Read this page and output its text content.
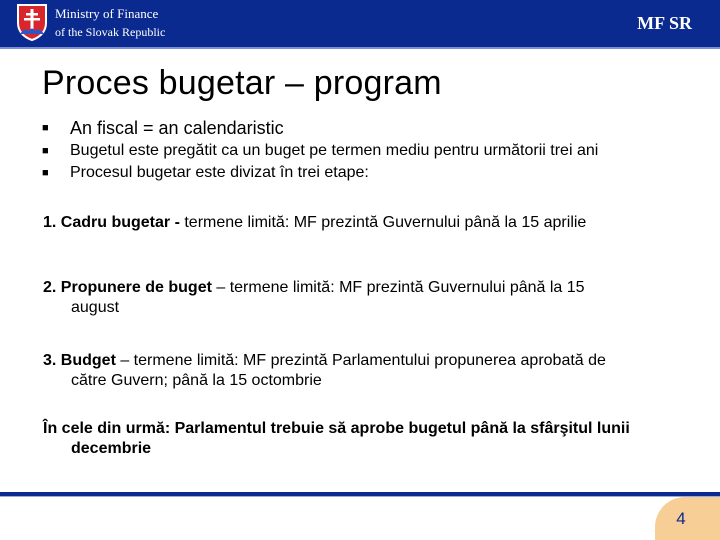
Ministry of Finance
of the Slovak Republic	MF SR
Proces bugetar – program
■	An fiscal = an calendaristic
■	Bugetul este pregătit ca un buget pe termen mediu pentru următorii trei ani
■	Procesul bugetar este divizat în trei etape:
1. Cadru bugetar - termene limită: MF prezintă Guvernului până la 15 aprilie
2. Propunere de buget – termene limită: MF prezintă Guvernului până la 15
august
3. Budget – termene limită: MF prezintă Parlamentului propunerea aprobată de
către Guvern; până la 15 octombrie
În cele din urmă: Parlamentul trebuie să aprobe bugetul până la sfârşitul lunii
decembrie
4
